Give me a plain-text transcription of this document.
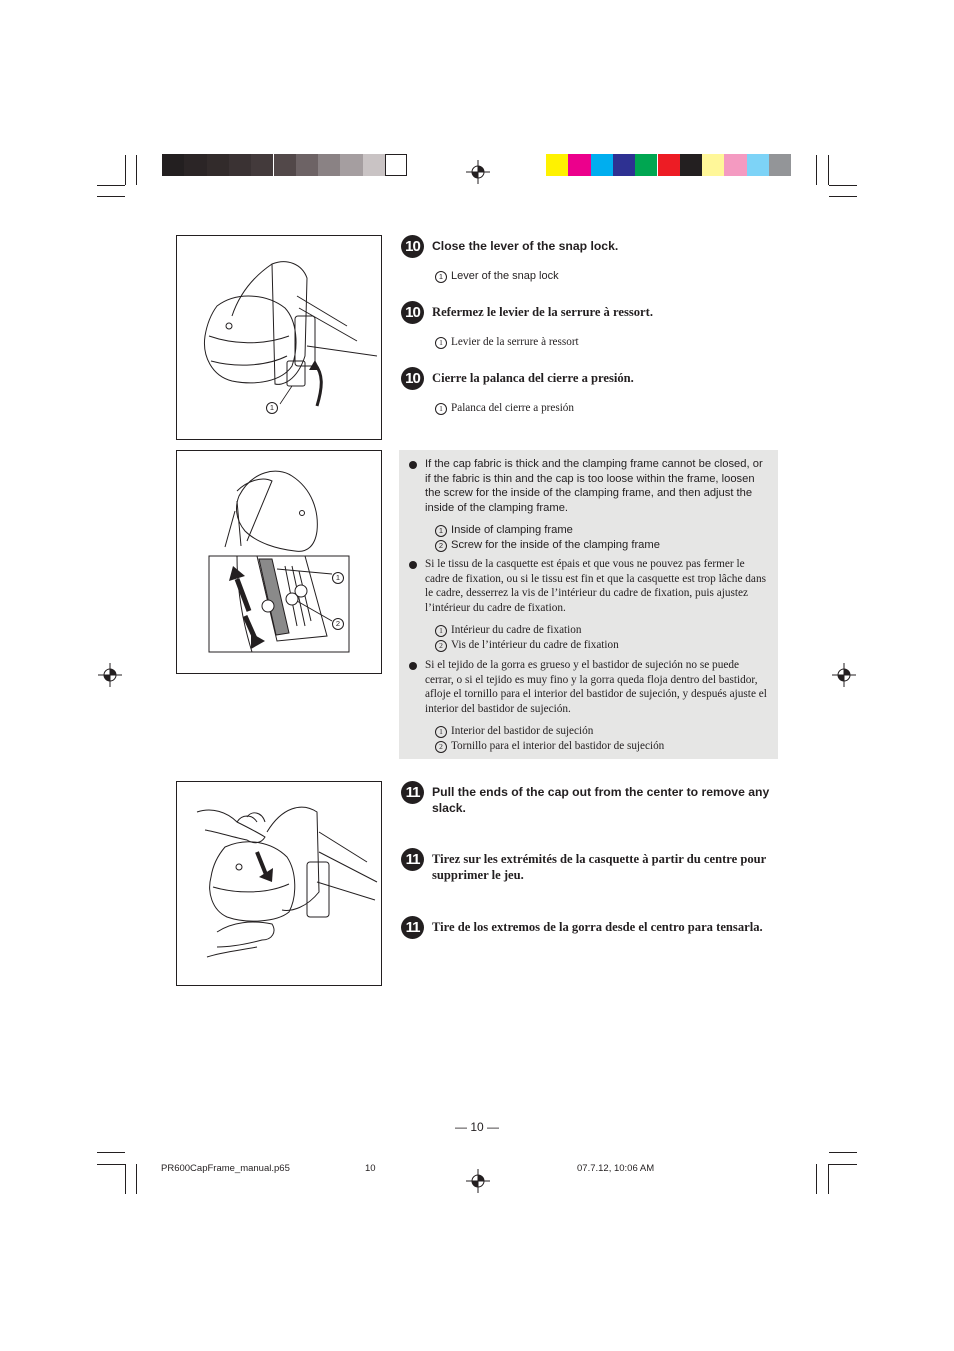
1
1
2
10 Close the lever of the snap lock.
1 Lever of the snap lock
10 Refermez le levier de la serrure à ressort.
1 Levier de la serrure à ressort
10 Cierre la palanca del cierre a presión.
1 Palanca del cierre a presión
If the cap fabric is thick and the clamping frame cannot be closed, or if the fabric is thin and the cap is too loose within the frame, loosen the screw for the inside of the clamping frame, and then adjust the inside of the clamping frame.
1 Inside of clamping frame
2 Screw for the inside of the clamping frame
Si le tissu de la casquette est épais et que vous ne pouvez pas fermer le cadre de fixation, ou si le tissu est fin et que la casquette est trop lâche dans le cadre, desserrez la vis de l’intérieur du cadre de fixation, puis ajustez l’intérieur du cadre de fixation.
1 Intérieur du cadre de fixation
2 Vis de l’intérieur du cadre de fixation
Si el tejido de la gorra es grueso y el bastidor de sujeción no se puede cerrar, o si el tejido es muy fino y la gorra queda floja dentro del bastidor, afloje el tornillo para el interior del bastidor de sujeción, y después ajuste el interior del bastidor de sujeción.
1 Interior del bastidor de sujeción
2 Tornillo para el interior del bastidor de sujeción
11	Pull the ends of the cap out from the center to remove any slack.
11 Tirez sur les extrémités de la casquette à partir du centre pour supprimer le jeu.
11 Tire de los extremos de la gorra desde el centro para tensarla.
— 10 —
PR600CapFrame_manual.p65	10	07.7.12, 10:06 AM
